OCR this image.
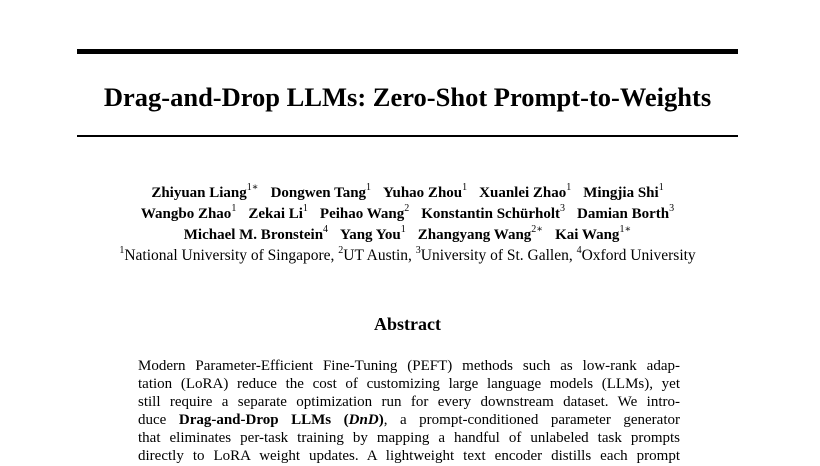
Drag-and-Drop LLMs: Zero-Shot Prompt-to-Weights
Zhiyuan Liang$^{1∗}$ Dongwen Tang$^1$ Yuhao Zhou$^1$ Xuanlei Zhao$^1$ Mingjia Shi$^1$
Wangbo Zhao$^1$ Zekai Li$^1$ Peihao Wang$^2$ Konstantin Schürholt$^3$ Damian Borth$^3$
Michael M. Bronstein$^4$ Yang You$^1$ Zhangyang Wang$^{2∗}$ Kai Wang$^{1∗}$
$^1$National University of Singapore, $^2$UT Austin, $^3$University of St. Gallen, $^4$Oxford University
Abstract
Modern Parameter-Efficient Fine-Tuning (PEFT) methods such as low-rank adap-
tation (LoRA) reduce the cost of customizing large language models (LLMs), yet
still require a separate optimization run for every downstream dataset. We intro-
duce Drag-and-Drop LLMs (DnD), a prompt-conditioned parameter generator
that eliminates per-task training by mapping a handful of unlabeled task prompts
directly to LoRA weight updates. A lightweight text encoder distills each prompt
